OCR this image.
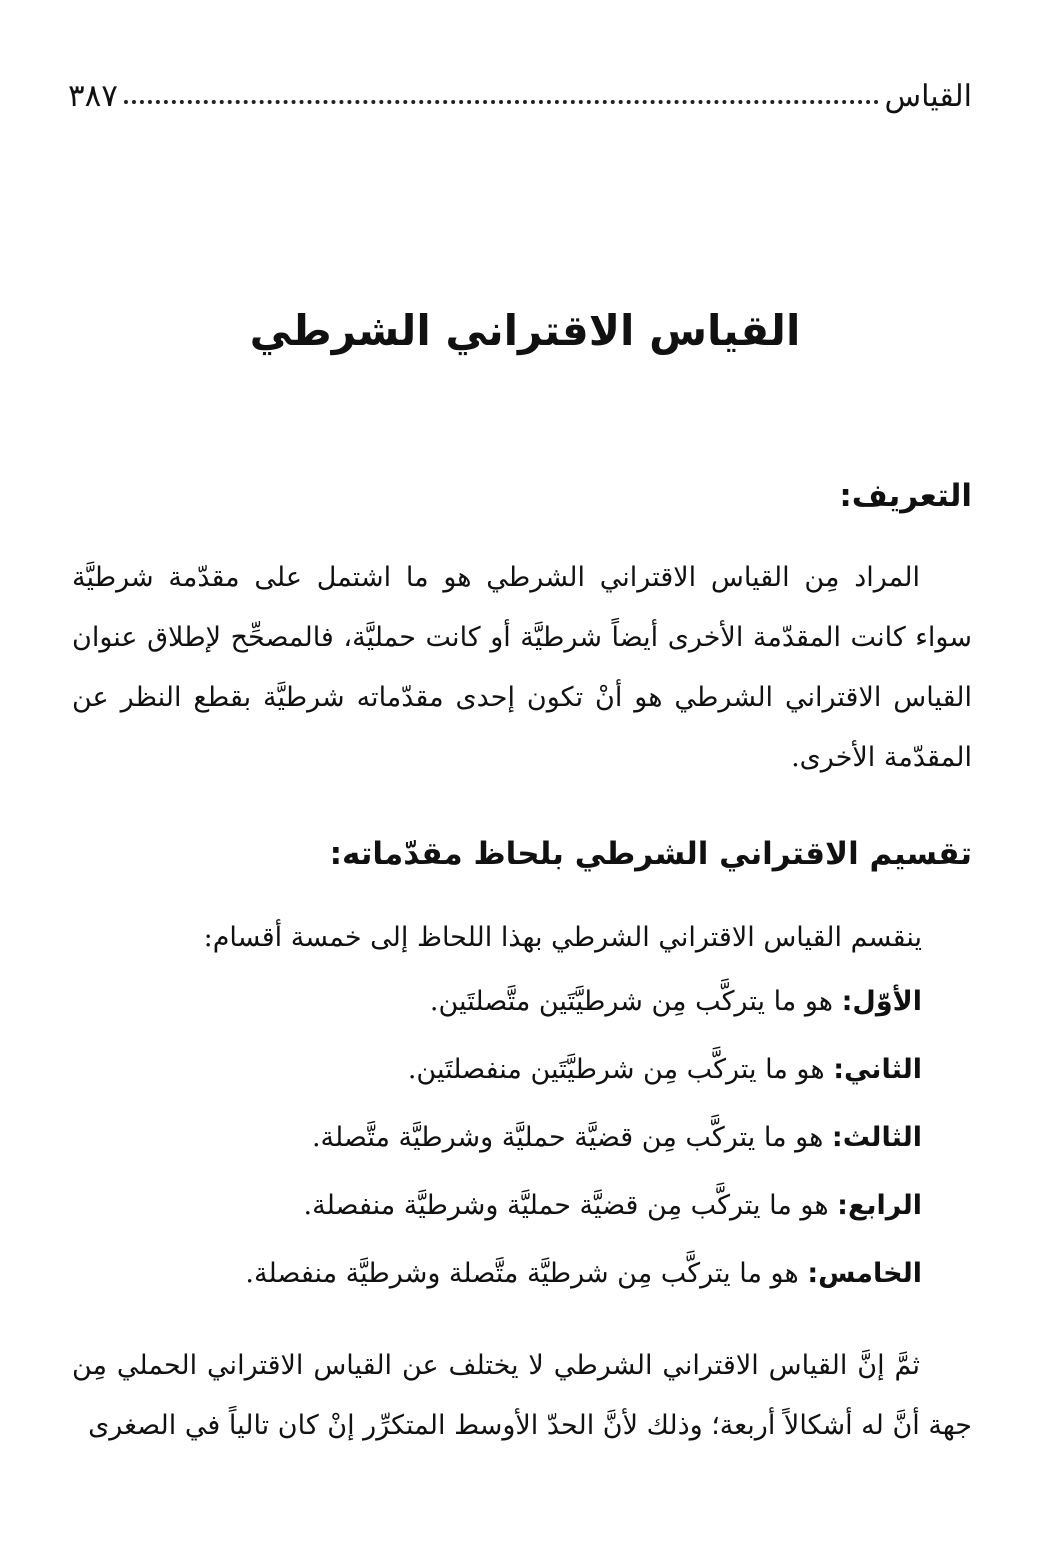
القياس
٣٨٧
القياس الاقتراني الشرطي
التعريف:

المراد مِن القياس الاقتراني الشرطي هو ما اشتمل على مقدّمة شرطيَّة سواء كانت المقدّمة الأخرى أيضاً شرطيَّة أو كانت حمليَّة، فالمصحِّح لإطلاق عنوان القياس الاقتراني الشرطي هو أنْ تكون إحدى مقدّماته شرطيَّة بقطع النظر عن المقدّمة الأخرى.

تقسيم الاقتراني الشرطي بلحاظ مقدّماته:

ينقسم القياس الاقتراني الشرطي بهذا اللحاظ إلى خمسة أقسام:

الأوّل: هو ما يتركَّب مِن شرطيَّتَين متَّصلتَين.
الثاني: هو ما يتركَّب مِن شرطيَّتَين منفصلتَين.
الثالث: هو ما يتركَّب مِن قضيَّة حمليَّة وشرطيَّة متَّصلة.
الرابع: هو ما يتركَّب مِن قضيَّة حمليَّة وشرطيَّة منفصلة.
الخامس: هو ما يتركَّب مِن شرطيَّة متَّصلة وشرطيَّة منفصلة.

ثمَّ إنَّ القياس الاقتراني الشرطي لا يختلف عن القياس الاقتراني الحملي مِن جهة أنَّ له أشكالاً أربعة؛ وذلك لأنَّ الحدّ الأوسط المتكرِّر إنْ كان تالياً في الصغرى
